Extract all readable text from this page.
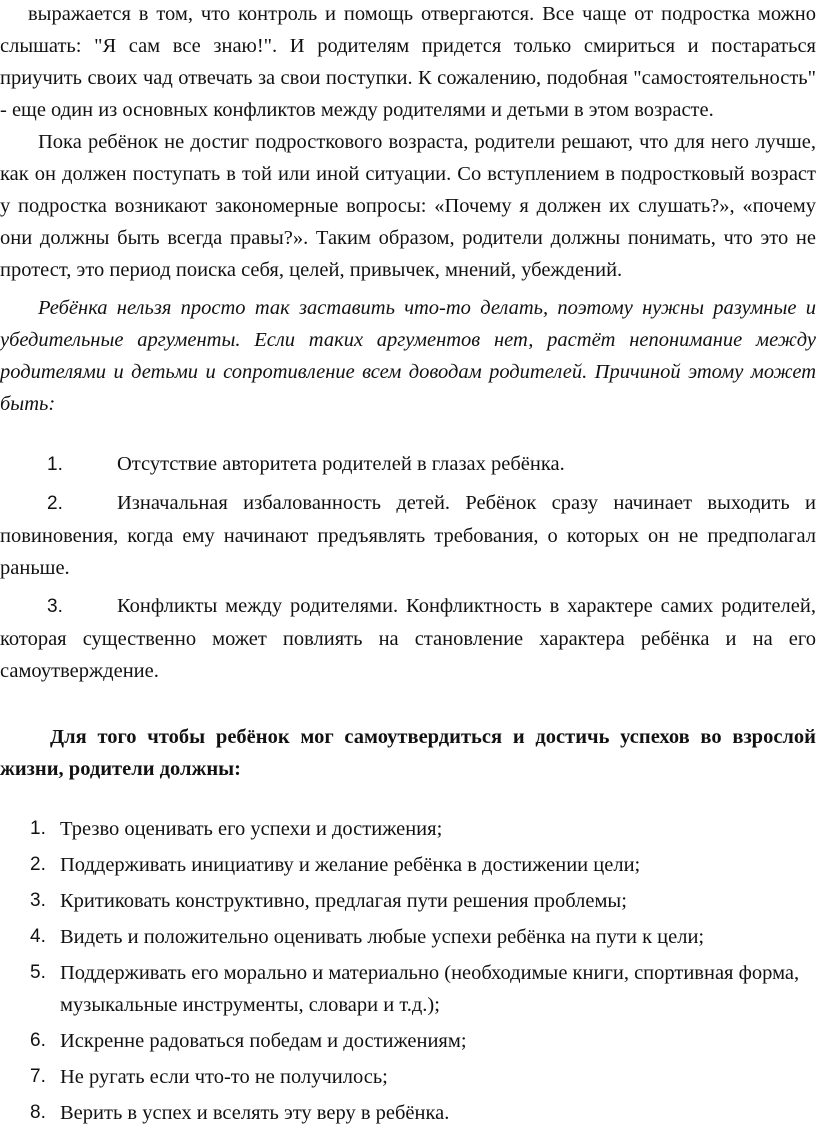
выражается в том, что контроль и помощь отвергаются. Все чаще от подростка можно слышать: "Я сам все знаю!". И родителям придется только смириться и постараться приучить своих чад отвечать за свои поступки. К сожалению, подобная "самостоятельность" - еще один из основных конфликтов между родителями и детьми в этом возрасте.

Пока ребёнок не достиг подросткового возраста, родители решают, что для него лучше, как он должен поступать в той или иной ситуации. Со вступлением в подростковый возраст у подростка возникают закономерные вопросы: «Почему я должен их слушать?», «почему они должны быть всегда правы?». Таким образом, родители должны понимать, что это не протест, это период поиска себя, целей, привычек, мнений, убеждений.

Ребёнка нельзя просто так заставить что-то делать, поэтому нужны разумные и убедительные аргументы. Если таких аргументов нет, растёт непонимание между родителями и детьми и сопротивление всем доводам родителей. Причиной этому может быть:

1.	Отсутствие авторитета родителей в глазах ребёнка.
2.	Изначальная избалованность детей. Ребёнок сразу начинает выходить и повиновения, когда ему начинают предъявлять требования, о которых он не предполагал раньше.
3.	Конфликты между родителями. Конфликтность в характере самих родителей, которая существенно может повлиять на становление характера ребёнка и на его самоутверждение.

Для того чтобы ребёнок мог самоутвердиться и достичь успехов во взрослой жизни, родители должны:

1. Трезво оценивать его успехи и достижения;
2. Поддерживать инициативу и желание ребёнка в достижении цели;
3. Критиковать конструктивно, предлагая пути решения проблемы;
4. Видеть и положительно оценивать любые успехи ребёнка на пути к цели;
5. Поддерживать его морально и материально (необходимые книги, спортивная форма, музыкальные инструменты, словари и т.д.);
6. Искренне радоваться победам и достижениям;
7. Не ругать если что-то не получилось;
8. Верить в успех и вселять эту веру в ребёнка.
